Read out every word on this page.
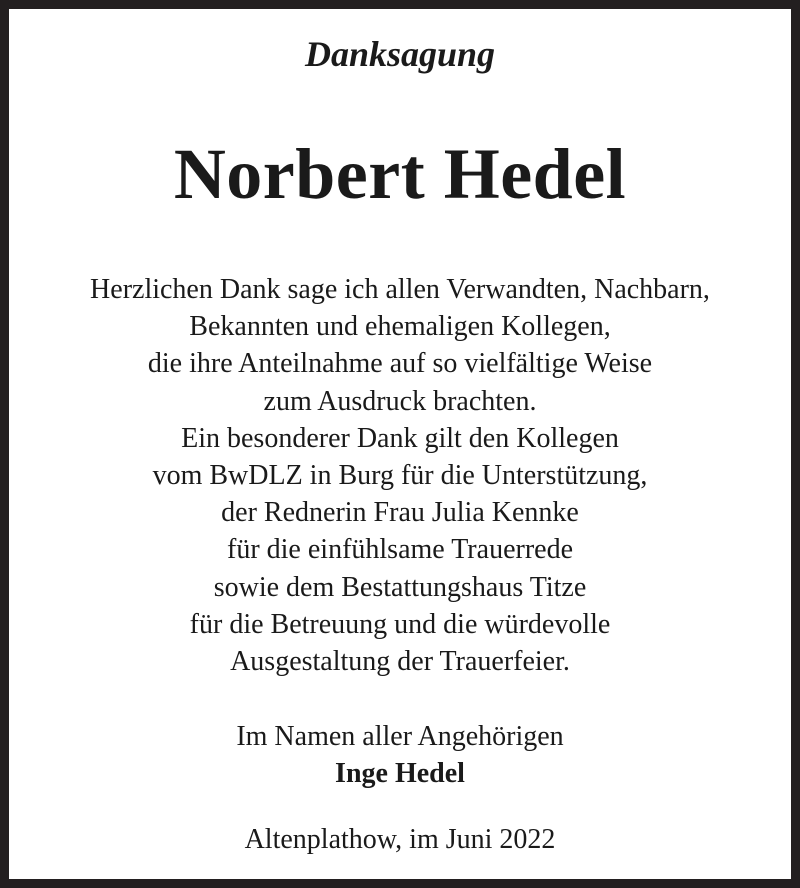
Danksagung
Norbert Hedel
Herzlichen Dank sage ich allen Verwandten, Nachbarn,
Bekannten und ehemaligen Kollegen,
die ihre Anteilnahme auf so vielfältige Weise
zum Ausdruck brachten.
Ein besonderer Dank gilt den Kollegen
vom BwDLZ in Burg für die Unterstützung,
der Rednerin Frau Julia Kennke
für die einfühlsame Trauerrede
sowie dem Bestattungshaus Titze
für die Betreuung und die würdevolle
Ausgestaltung der Trauerfeier.
Im Namen aller Angehörigen
Inge Hedel
Altenplathow, im Juni 2022
